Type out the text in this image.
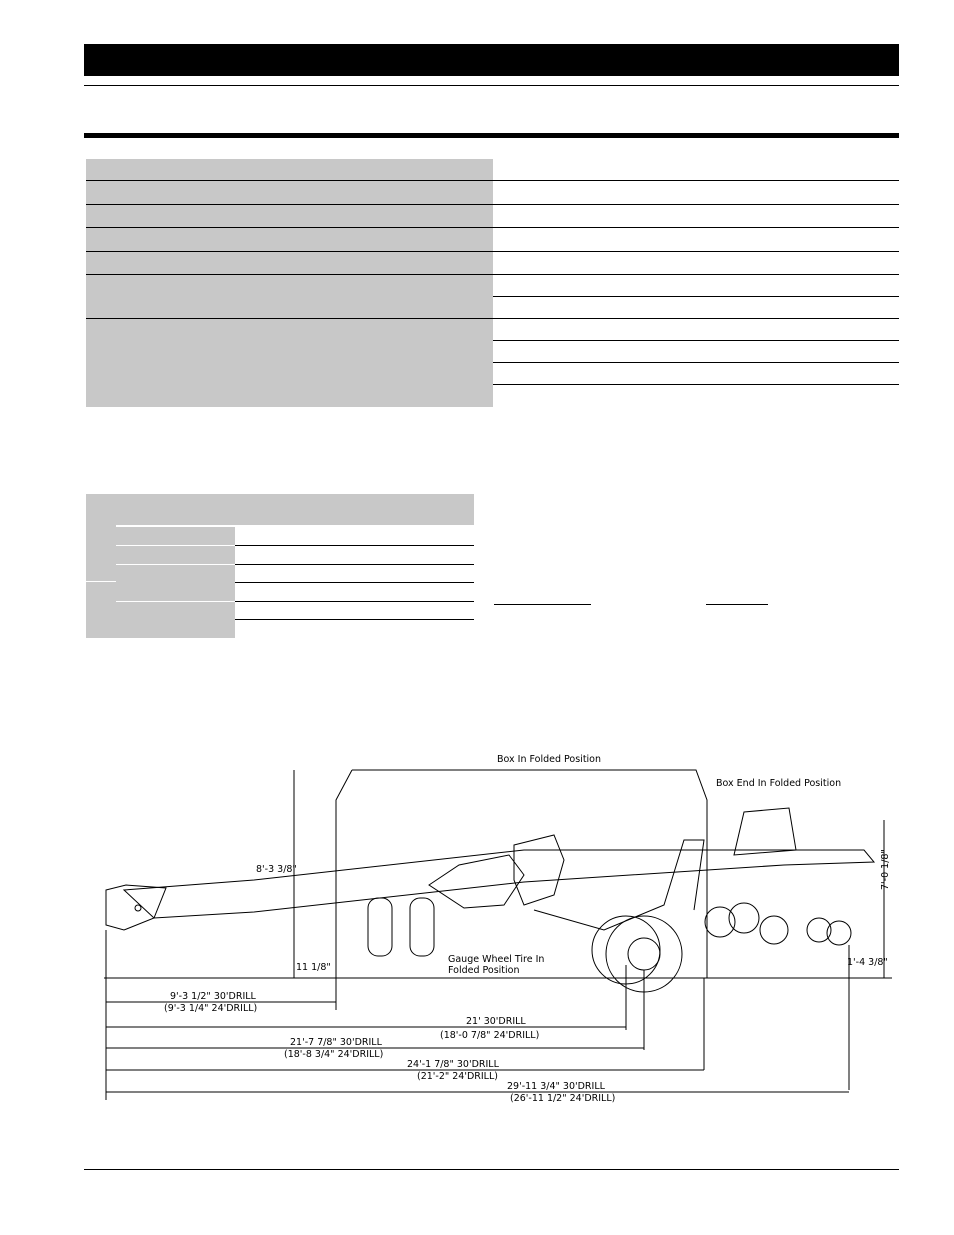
Box In Folded Position
Box End In Folded Position
Gauge Wheel Tire In
Folded Position
8'-3 3/8"
11 1/8"	1'-4 3/8"
7'-0 1/8"
9'-3 1/2" 30'DRILL
(9'-3 1/4" 24'DRILL)
21' 30'DRILL
(18'-0 7/8" 24'DRILL)
21'-7 7/8" 30'DRILL
(18'-8 3/4" 24'DRILL)
24'-1 7/8" 30'DRILL
(21'-2" 24'DRILL)
29'-11 3/4" 30'DRILL
(26'-11 1/2" 24'DRILL)
